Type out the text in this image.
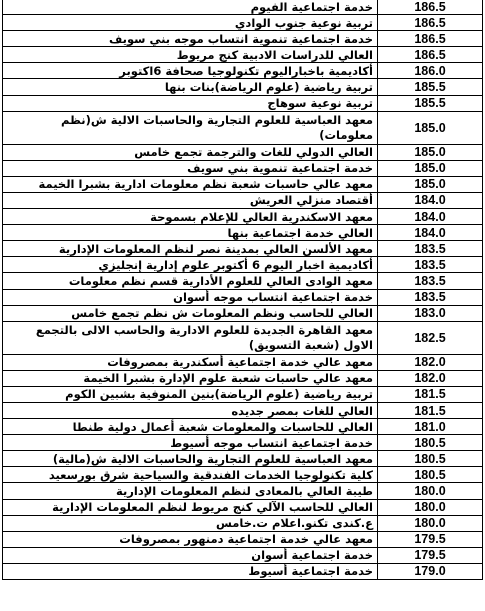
خدمة اجتماعية الفيوم	186.5
تربية نوعية جنوب الوادي	186.5
خدمة اجتماعية تنموية انتساب موجه بني سويف	186.5
العالي للدراسات الادبية كنج مريوط	186.5
أكاديمية باخباراليوم تكنولوجيا صحافة 6اكتوبر	186.0
تربية رياضية (علوم الرياضة)بنات بنها	185.5
تربية نوعية سوهاج	185.5
معهد العباسية للعلوم التجارية والحاسبات الالية ش(نظم معلومات)	185.0
العالي الدولي للغات والترجمة تجمع خامس	185.0
خدمة اجتماعية تنموية بني سويف	185.0
معهد عالي حاسبات شعبة نظم معلومات ادارية بشبرا الخيمة	185.0
أقتصاد منزلي العريش	184.0
معهد الاسكندرية العالي للإعلام بسموحة	184.0
العالي خدمة اجتماعية بنها	184.0
معهد الألسن العالي بمدينة نصر لنظم المعلومات الإدارية	183.5
أكاديمية اخبار اليوم 6 أكتوبر علوم إدارية إنجليزي	183.5
معهد الوادى العالي للعلوم الأدارية قسم نظم معلومات	183.5
خدمة اجتماعية انتساب موجه أسوان	183.5
العالي للحاسب ونظم المعلومات ش نظم تجمع خامس	183.0
معهد القاهرة الجديدة للعلوم الادارية والحاسب الالى بالتجمع الاول (شعبة التسويق)	182.5
معهد عالي خدمة اجتماعية أسكندرية بمصروفات	182.0
معهد عالي حاسبات شعبة علوم الإدارة بشبرا الخيمة	182.0
تربية رياضية (علوم الرياضة)بنين المنوفية بشبين الكوم	181.5
العالي للغات بمصر جديده	181.5
العالي للحاسبات والمعلومات شعبة أعمال دولية طنطا	181.0
خدمة اجتماعية انتساب موجه أسيوط	180.5
معهد العباسية للعلوم التجارية والحاسبات الالية ش(مالية)	180.5
كلية تكنولوجيا الخدمات الفندقية والسياحية شرق بورسعيد	180.5
طيبة العالي بالمعادى لنظم المعلومات الإدارية	180.0
العالي للحاسب الآلي كنج مريوط لنظم المعلومات الإدارية	180.0
ع.كندى تكنو.اعلام ت.خامس	180.0
معهد عالي خدمة اجتماعية دمنهور بمصروفات	179.5
خدمة اجتماعية أسوان	179.5
خدمة اجتماعية أسيوط	179.0
